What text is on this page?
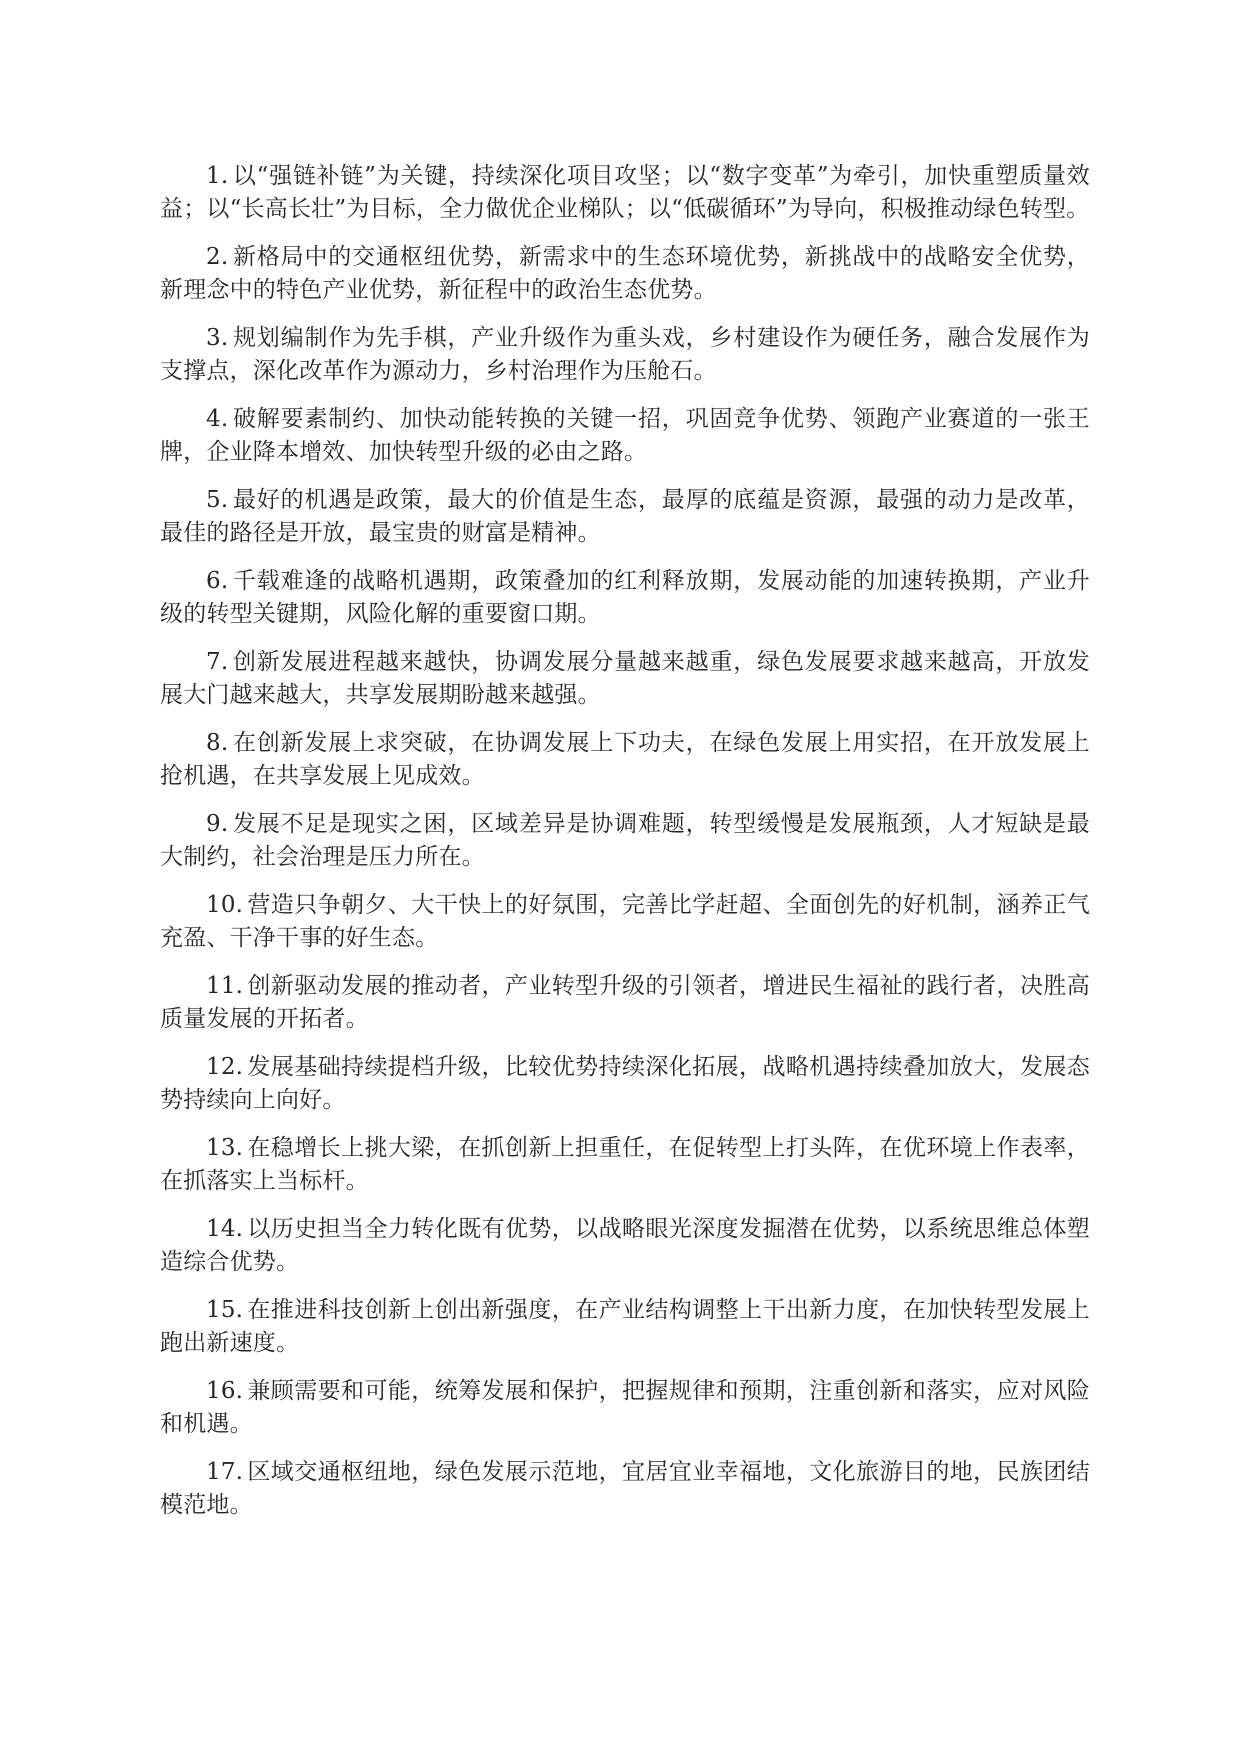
1. 以“强链补链”为关键，持续深化项目攻坚；以“数字变革”为牵引，加快重塑质量效益；以“长高长壮”为目标，全力做优企业梯队；以“低碳循环”为导向，积极推动绿色转型。

2. 新格局中的交通枢纽优势，新需求中的生态环境优势，新挑战中的战略安全优势，新理念中的特色产业优势，新征程中的政治生态优势。

3. 规划编制作为先手棋，产业升级作为重头戏，乡村建设作为硬任务，融合发展作为支撑点，深化改革作为源动力，乡村治理作为压舱石。

4. 破解要素制约、加快动能转换的关键一招，巩固竞争优势、领跑产业赛道的一张王牌，企业降本增效、加快转型升级的必由之路。

5. 最好的机遇是政策，最大的价值是生态，最厚的底蕴是资源，最强的动力是改革，最佳的路径是开放，最宝贵的财富是精神。

6. 千载难逢的战略机遇期，政策叠加的红利释放期，发展动能的加速转换期，产业升级的转型关键期，风险化解的重要窗口期。

7. 创新发展进程越来越快，协调发展分量越来越重，绿色发展要求越来越高，开放发展大门越来越大，共享发展期盼越来越强。

8. 在创新发展上求突破，在协调发展上下功夫，在绿色发展上用实招，在开放发展上抢机遇，在共享发展上见成效。

9. 发展不足是现实之困，区域差异是协调难题，转型缓慢是发展瓶颈，人才短缺是最大制约，社会治理是压力所在。

10. 营造只争朝夕、大干快上的好氛围，完善比学赶超、全面创先的好机制，涵养正气充盈、干净干事的好生态。

11. 创新驱动发展的推动者，产业转型升级的引领者，增进民生福祉的践行者，决胜高质量发展的开拓者。

12. 发展基础持续提档升级，比较优势持续深化拓展，战略机遇持续叠加放大，发展态势持续向上向好。

13. 在稳增长上挑大梁，在抓创新上担重任，在促转型上打头阵，在优环境上作表率，在抓落实上当标杆。

14. 以历史担当全力转化既有优势，以战略眼光深度发掘潜在优势，以系统思维总体塑造综合优势。

15. 在推进科技创新上创出新强度，在产业结构调整上干出新力度，在加快转型发展上跑出新速度。

16. 兼顾需要和可能，统筹发展和保护，把握规律和预期，注重创新和落实，应对风险和机遇。

17. 区域交通枢纽地，绿色发展示范地，宜居宜业幸福地，文化旅游目的地，民族团结模范地。
